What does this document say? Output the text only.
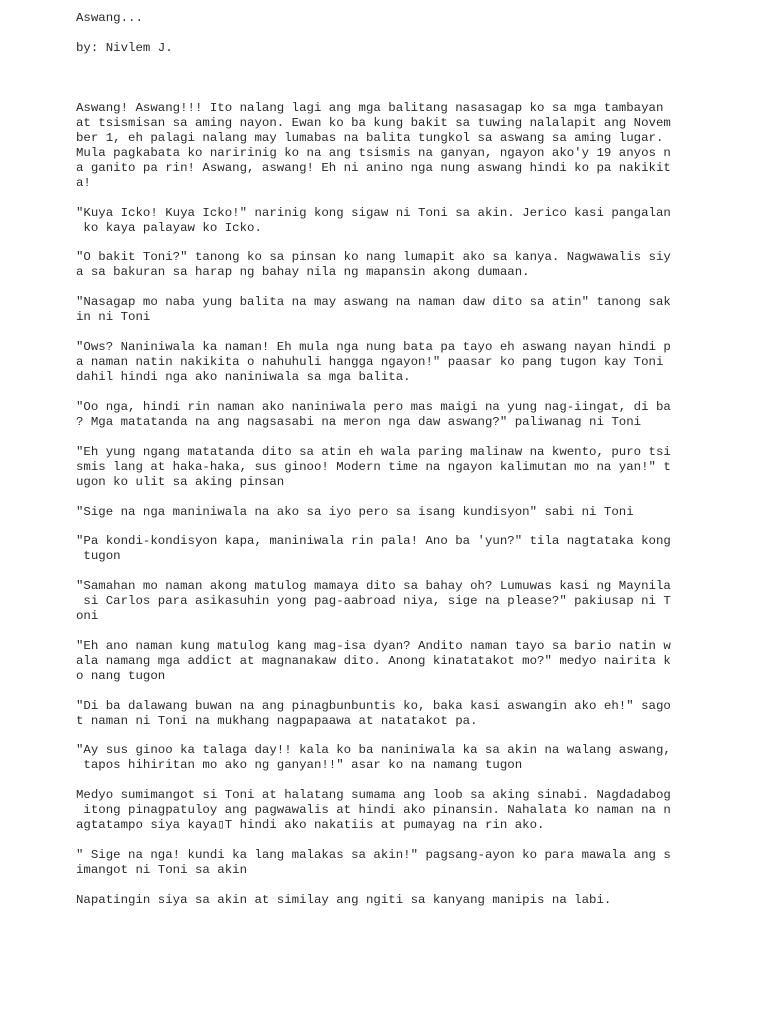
Aswang...

by: Nivlem J.

Aswang! Aswang!!! Ito nalang lagi ang mga balitang nasasagap ko sa mga tambayan

at tsismisan sa aming nayon. Ewan ko ba kung bakit sa tuwing nalalapit ang Novem

ber 1, eh palagi nalang may lumabas na balita tungkol sa aswang sa aming lugar.

Mula pagkabata ko naririnig ko na ang tsismis na ganyan, ngayon ako'y 19 anyos n

a ganito pa rin! Aswang, aswang! Eh ni anino nga nung aswang hindi ko pa nakikit

a!

"Kuya Icko! Kuya Icko!" narinig kong sigaw ni Toni sa akin. Jerico kasi pangalan

ko kaya palayaw ko Icko.

"O bakit Toni?" tanong ko sa pinsan ko nang lumapit ako sa kanya. Nagwawalis siy

a sa bakuran sa harap ng bahay nila ng mapansin akong dumaan.

"Nasagap mo naba yung balita na may aswang na naman daw dito sa atin" tanong sak

in ni Toni

"Ows? Naniniwala ka naman! Eh mula nga nung bata pa tayo eh aswang nayan hindi p

a naman natin nakikita o nahuhuli hangga ngayon!" paasar ko pang tugon kay Toni

dahil hindi nga ako naniniwala sa mga balita.

"Oo nga, hindi rin naman ako naniniwala pero mas maigi na yung nag-iingat, di ba

? Mga matatanda na ang nagsasabi na meron nga daw aswang?" paliwanag ni Toni

"Eh yung ngang matatanda dito sa atin eh wala paring malinaw na kwento, puro tsi

smis lang at haka-haka, sus ginoo! Modern time na ngayon kalimutan mo na yan!" t

ugon ko ulit sa aking pinsan

"Sige na nga maniniwala na ako sa iyo pero sa isang kundisyon" sabi ni Toni

"Pa kondi-kondisyon kapa, maniniwala rin pala! Ano ba 'yun?" tila nagtataka kong

tugon

"Samahan mo naman akong matulog mamaya dito sa bahay oh? Lumuwas kasi ng Maynila

si Carlos para asikasuhin yong pag-aabroad niya, sige na please?" pakiusap ni T

oni

"Eh ano naman kung matulog kang mag-isa dyan? Andito naman tayo sa bario natin w

ala namang mga addict at magnanakaw dito. Anong kinatatakot mo?" medyo nairita k

o nang tugon

"Di ba dalawang buwan na ang pinagbunbuntis ko, baka kasi aswangin ako eh!" sago

t naman ni Toni na mukhang nagpapaawa at natatakot pa.

"Ay sus ginoo ka talaga day!! kala ko ba naniniwala ka sa akin na walang aswang,

tapos hihiritan mo ako ng ganyan!!" asar ko na namang tugon

Medyo sumimangot si Toni at halatang sumama ang loob sa aking sinabi. Nagdadabog

itong pinagpatuloy ang pagwawalis at hindi ako pinansin. Nahalata ko naman na n

agtatampo siya kaya▯T hindi ako nakatiis at pumayag na rin ako.

" Sige na nga! kundi ka lang malakas sa akin!" pagsang-ayon ko para mawala ang s

imangot ni Toni sa akin

Napatingin siya sa akin at similay ang ngiti sa kanyang manipis na labi.
